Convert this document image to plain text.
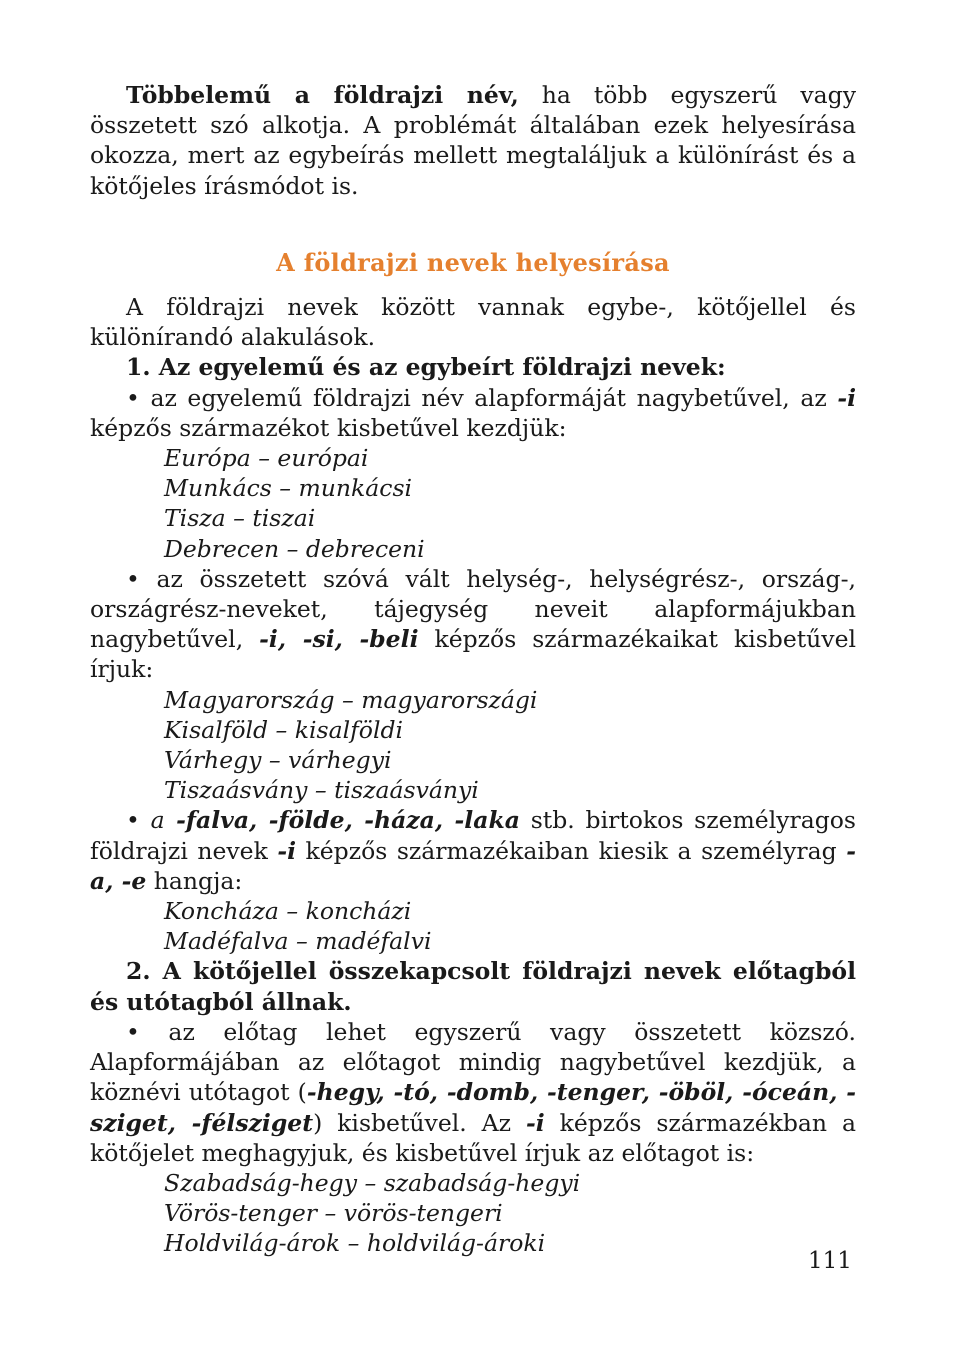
Többelemű a földrajzi név, ha több egyszerű vagy összetett szó alkotja. A problémát általában ezek helyesírása okozza, mert az egybeírás mellett megtaláljuk a különírást és a kötőjeles írásmódot is.

A földrajzi nevek helyesírása

A földrajzi nevek között vannak egybe-, kötőjellel és különírandó alakulások.

1. Az egyelemű és az egybeírt földrajzi nevek:

• az egyelemű földrajzi név alapformáját nagybetűvel, az -i képzős származékot kisbetűvel kezdjük:

Európa – európai

Munkács – munkácsi

Tisza – tiszai

Debrecen – debreceni

• az összetett szóvá vált helység-, helységrész-, ország-, országrész-neveket, tájegység neveit alapformájukban nagybetűvel, -i, -si, -beli képzős származékaikat kisbetűvel írjuk:

Magyarország – magyarországi

Kisalföld – kisalföldi

Várhegy – várhegyi

Tiszaásvány – tiszaásványi

• a -falva, -földe, -háza, -laka stb. birtokos személyragos földrajzi nevek -i képzős származékaiban kiesik a személyrag -a, -e hangja:

Koncháza – koncházi

Madéfalva – madéfalvi

2. A kötőjellel összekapcsolt földrajzi nevek előtagból és utótagból állnak.

• az előtag lehet egyszerű vagy összetett közszó. Alapformájában az előtagot mindig nagybetűvel kezdjük, a köznévi utótagot (-hegy, -tó, -domb, -tenger, -öböl, -óceán, -sziget, -félsziget) kisbetűvel. Az -i képzős származékban a kötőjelet meghagyjuk, és kisbetűvel írjuk az előtagot is:

Szabadság-hegy – szabadság-hegyi

Vörös-tenger – vörös-tengeri

Holdvilág-árok – holdvilág-ároki

111
